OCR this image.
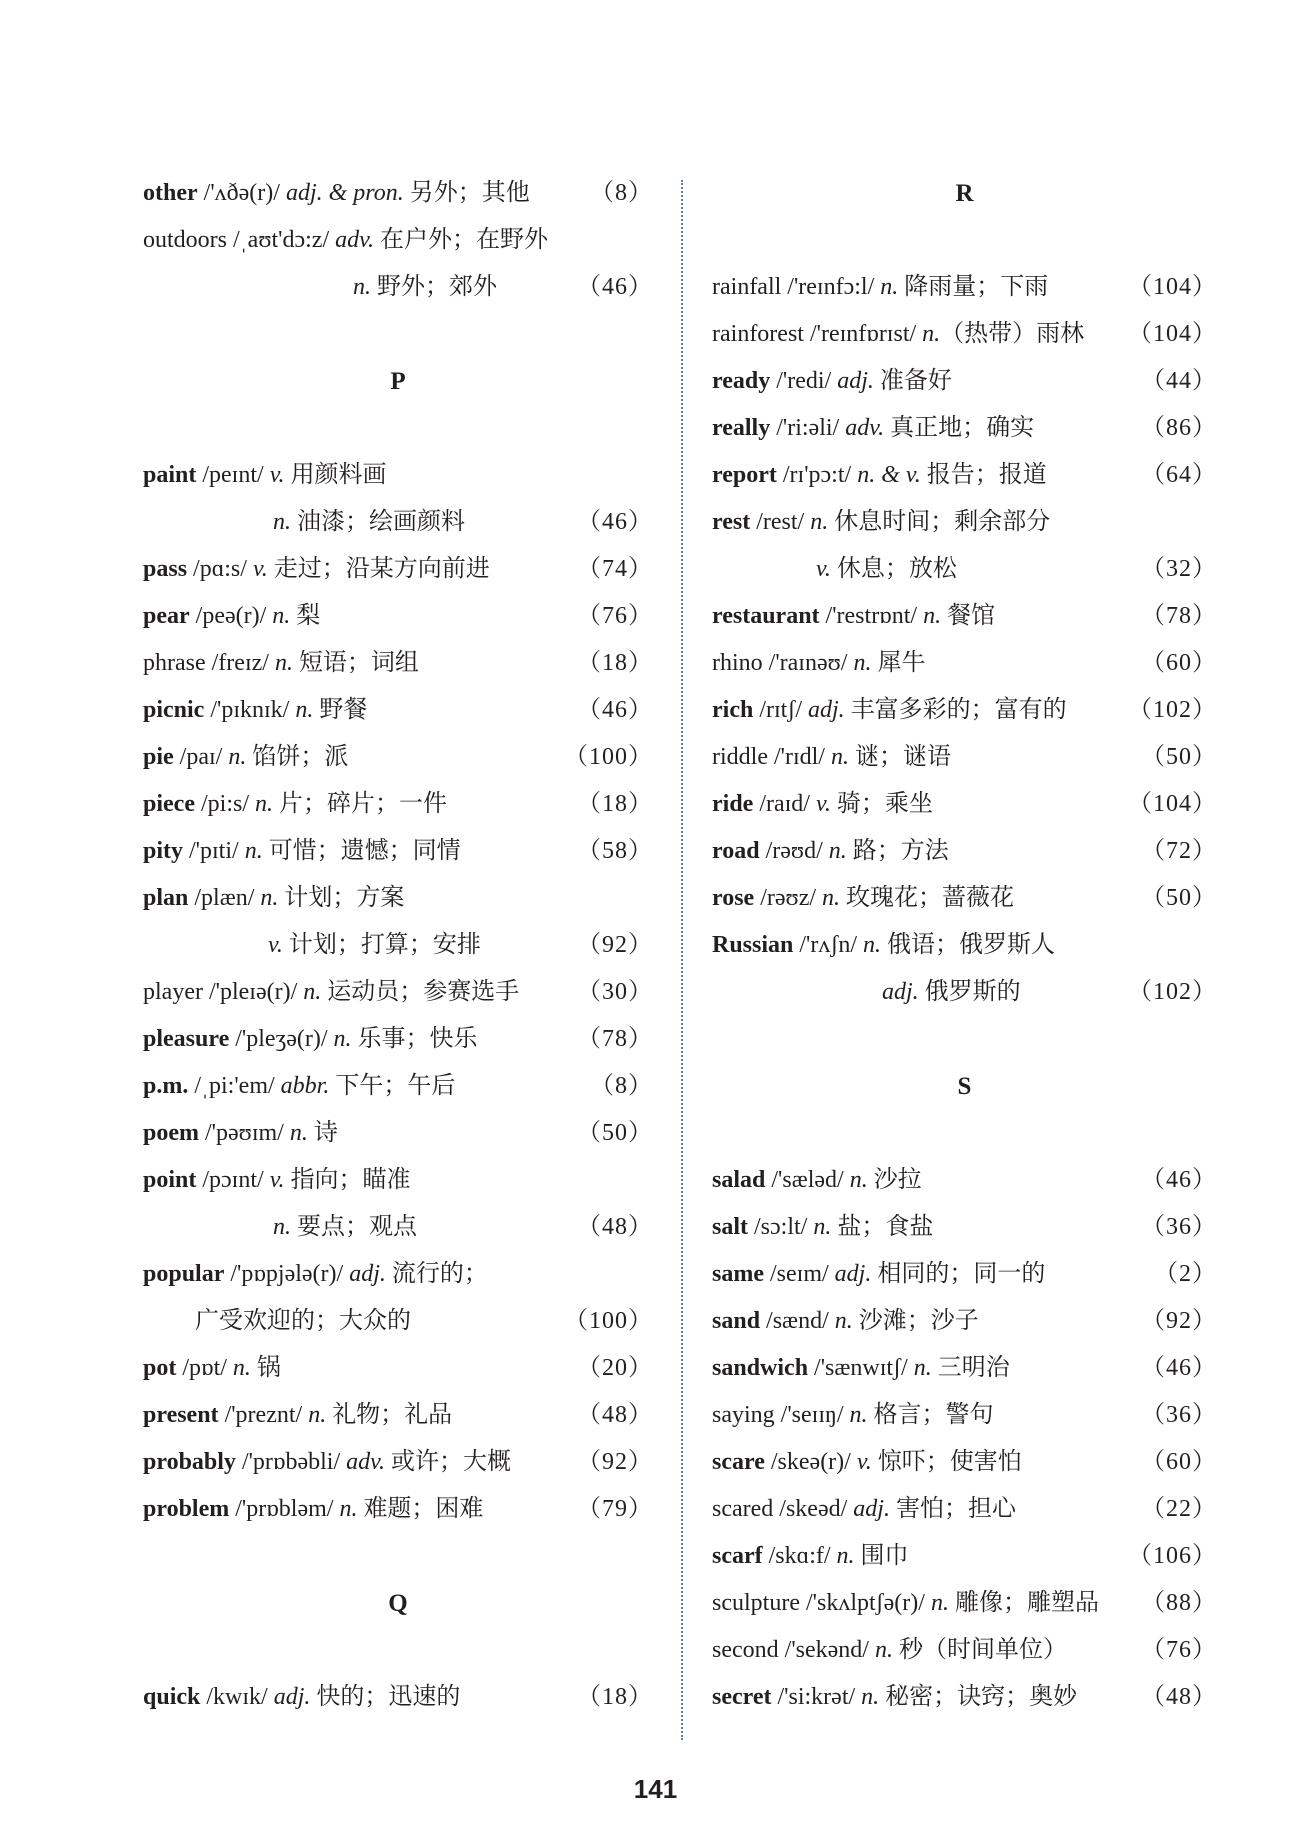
other /'ʌðə(r)/ adj. & pron. 另外；其他	（8）
outdoors /ˌaʊt'dɔ:z/ adv. 在户外；在野外
n. 野外；郊外	（46）
P
paint /peɪnt/ v. 用颜料画
n. 油漆；绘画颜料	（46）
pass /pɑ:s/ v. 走过；沿某方向前进	（74）
pear /peə(r)/ n. 梨	（76）
phrase /freɪz/ n. 短语；词组	（18）
picnic /'pɪknɪk/ n. 野餐	（46）
pie /paɪ/ n. 馅饼；派	（100）
piece /pi:s/ n. 片；碎片；一件	（18）
pity /'pɪti/ n. 可惜；遗憾；同情	（58）
plan /plæn/ n. 计划；方案
v. 计划；打算；安排	（92）
player /'pleɪə(r)/ n. 运动员；参赛选手 （30）
pleasure /'pleʒə(r)/ n. 乐事；快乐	（78）
p.m. /ˌpi:'em/ abbr. 下午；午后	（8）
poem /'pəʊɪm/ n. 诗	（50）
point /pɔɪnt/ v. 指向；瞄准
n. 要点；观点	（48）
popular /'pɒpjələ(r)/ adj. 流行的；
广受欢迎的；大众的	（100）
pot /pɒt/ n. 锅	（20）
present /'preznt/ n. 礼物；礼品	（48）
probably /'prɒbəbli/ adv. 或许；大概	（92）
problem /'prɒbləm/ n. 难题；困难	（79）
Q
quick /kwɪk/ adj. 快的；迅速的	（18）
R
rainfall /'reɪnfɔ:l/ n. 降雨量；下雨	（104）
rainforest /'reɪnfɒrɪst/ n.（热带）雨林 （104）
ready /'redi/ adj. 准备好	（44）
really /'ri:əli/ adv. 真正地；确实	（86）
report /rɪ'pɔ:t/ n. & v. 报告；报道	（64）
rest /rest/ n. 休息时间；剩余部分
v. 休息；放松	（32）
restaurant /'restrɒnt/ n. 餐馆	（78）
rhino /'raɪnəʊ/ n. 犀牛	（60）
rich /rɪtʃ/ adj. 丰富多彩的；富有的	（102）
riddle /'rɪdl/ n. 谜；谜语	（50）
ride /raɪd/ v. 骑；乘坐	（104）
road /rəʊd/ n. 路；方法	（72）
rose /rəʊz/ n. 玫瑰花；蔷薇花	（50）
Russian /'rʌʃn/ n. 俄语；俄罗斯人
adj. 俄罗斯的	（102）
S
salad /'sæləd/ n. 沙拉	（46）
salt /sɔ:lt/ n. 盐；食盐	（36）
same /seɪm/ adj. 相同的；同一的	（2）
sand /sænd/ n. 沙滩；沙子	（92）
sandwich /'sænwɪtʃ/ n. 三明治	（46）
saying /'seɪɪŋ/ n. 格言；警句	（36）
scare /skeə(r)/ v. 惊吓；使害怕	（60）
scared /skeəd/ adj. 害怕；担心	（22）
scarf /skɑ:f/ n. 围巾	（106）
sculpture /'skʌlptʃə(r)/ n. 雕像；雕塑品 （88）
second /'sekənd/ n. 秒（时间单位）	（76）
secret /'si:krət/ n. 秘密；诀窍；奥妙	（48）
141
